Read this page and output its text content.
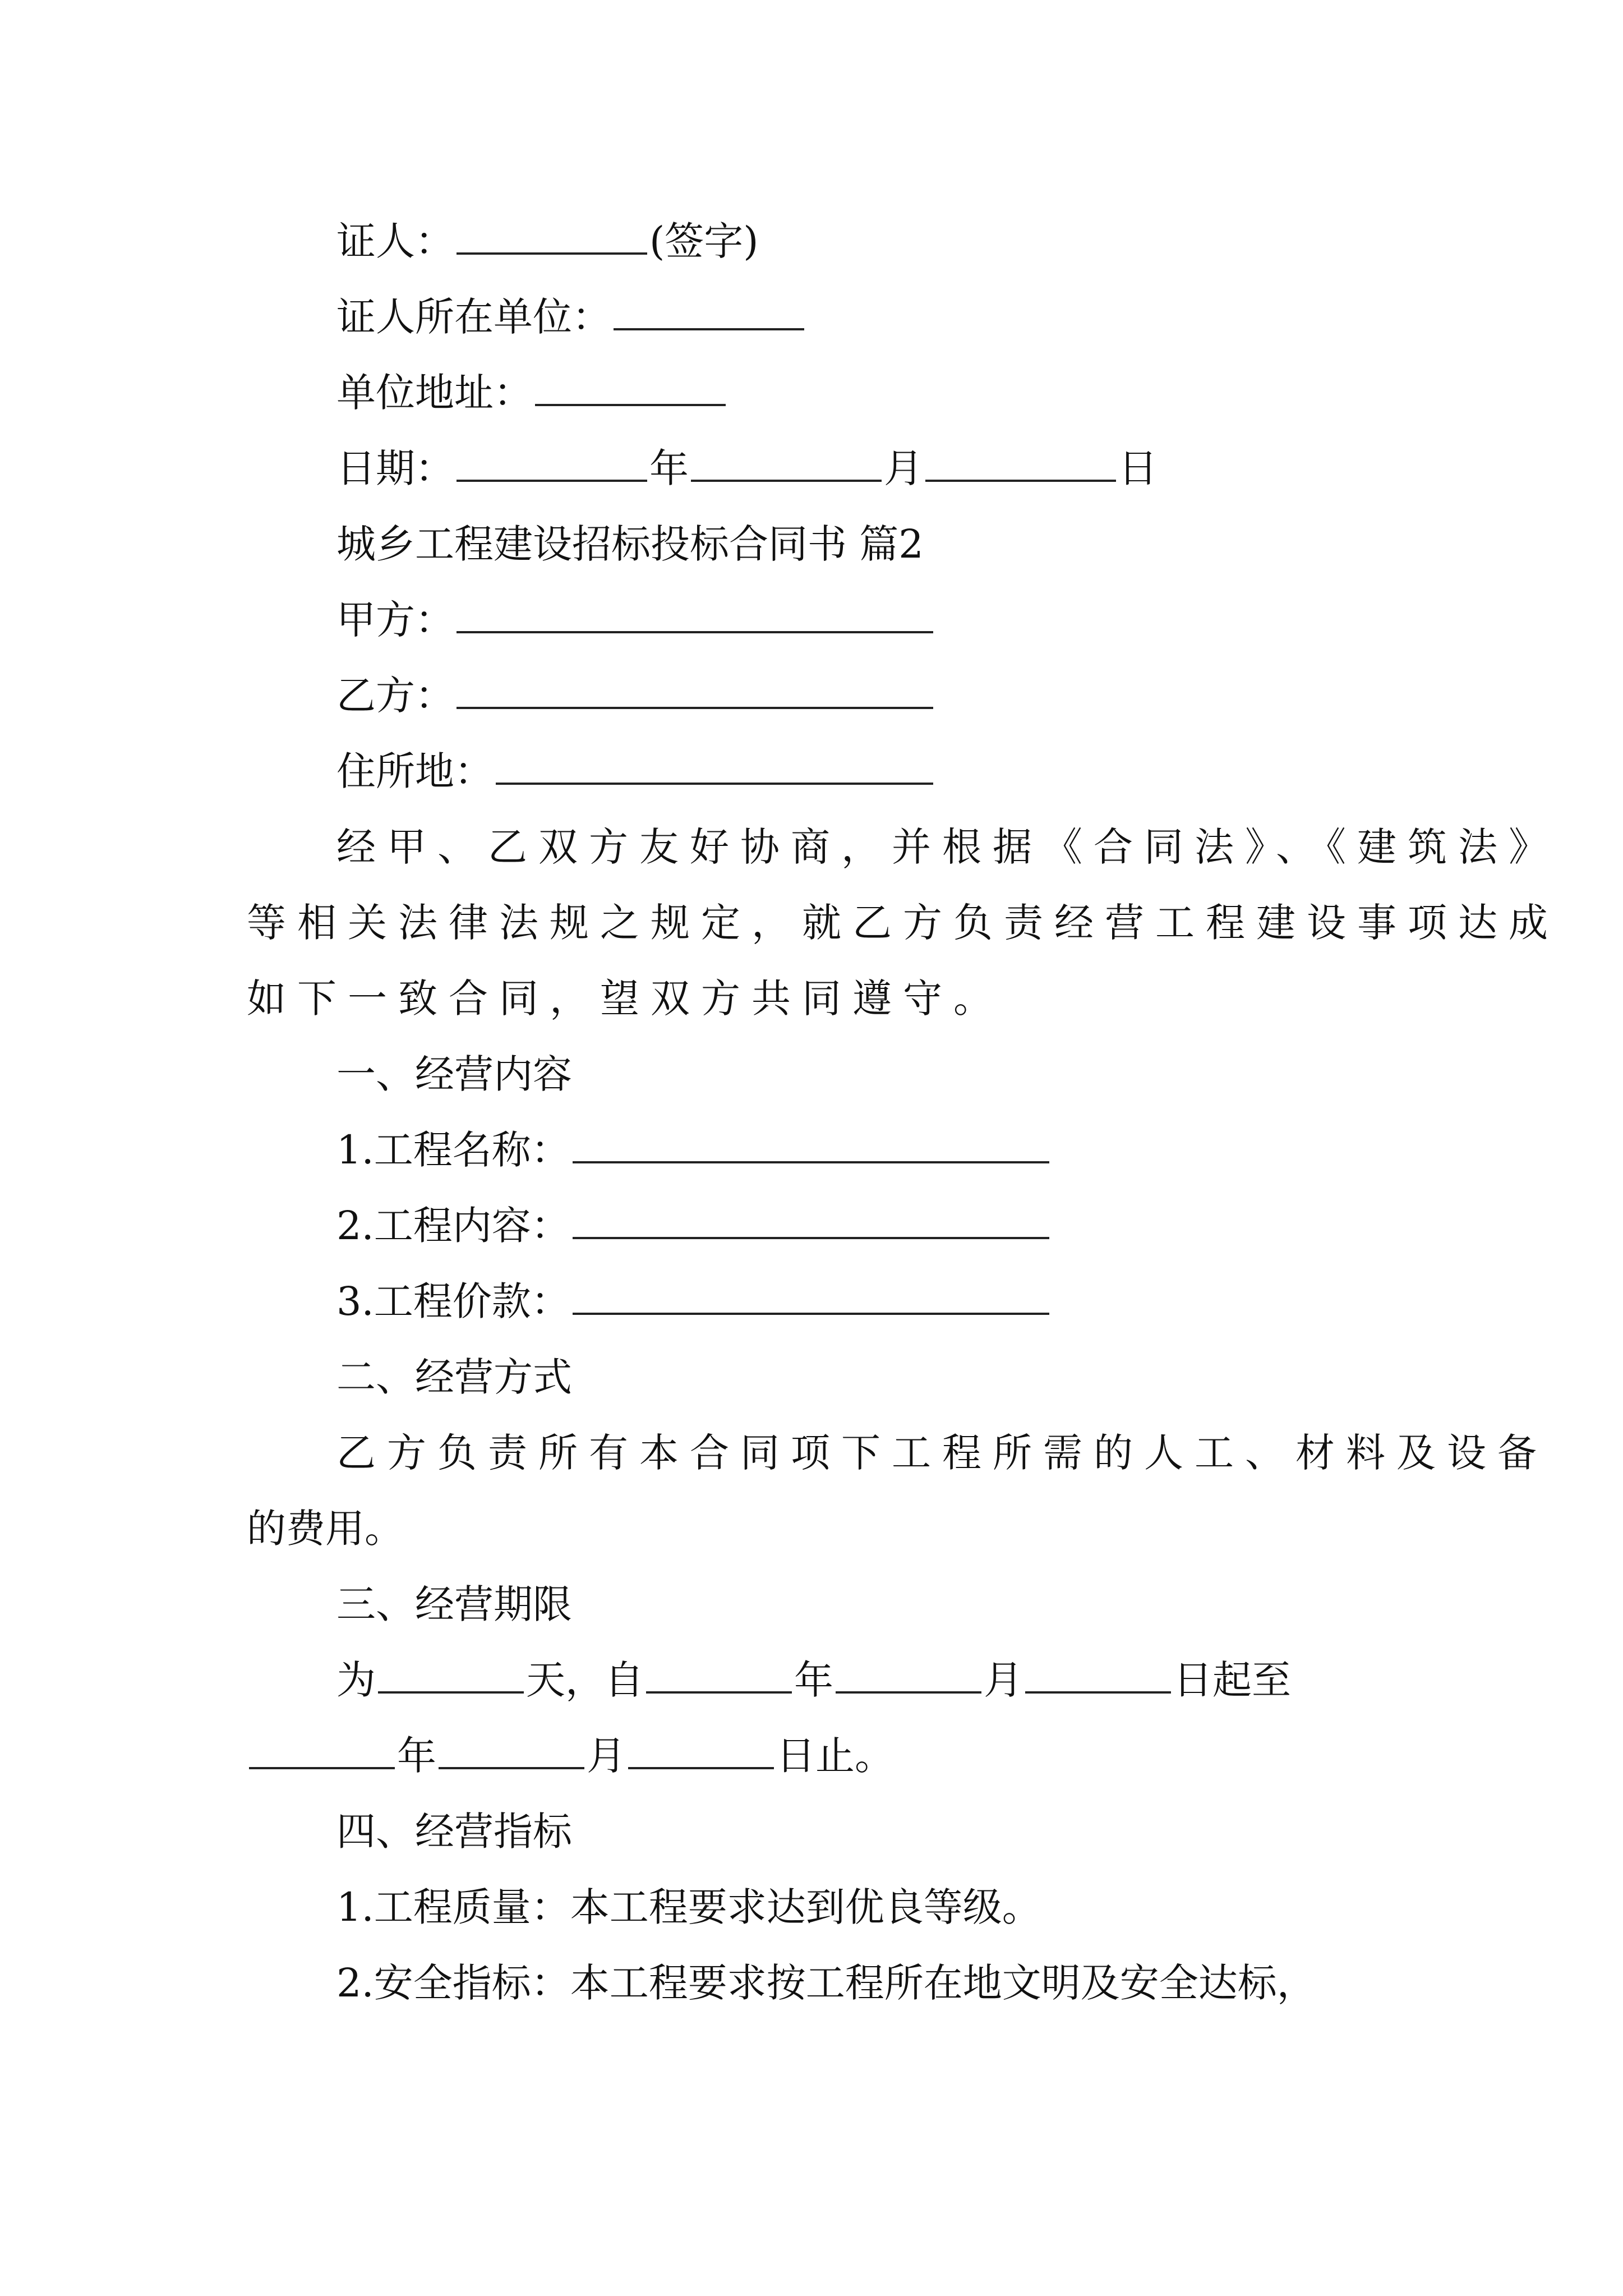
证人：	(签字)
证人所在单位：
单位地址：
日期：	年	月	日
城乡工程建设招标投标合同书 篇2
甲方：
乙方：
住所地：
经甲、乙双方友好协商，并根据《合同法》、《建筑法》
等相关法律法规之规定，就乙方负责经营工程建设事项达成
如下一致合同，望双方共同遵守。
一、经营内容
1.工程名称：
2.工程内容：
3.工程价款：
二、经营方式
乙方负责所有本合同项下工程所需的人工、材料及设备
的费用。
三、经营期限
为	天，自	年	月	日起至
年	月	日止。
四、经营指标
1.工程质量：本工程要求达到优良等级。
2.安全指标：本工程要求按工程所在地文明及安全达标，
